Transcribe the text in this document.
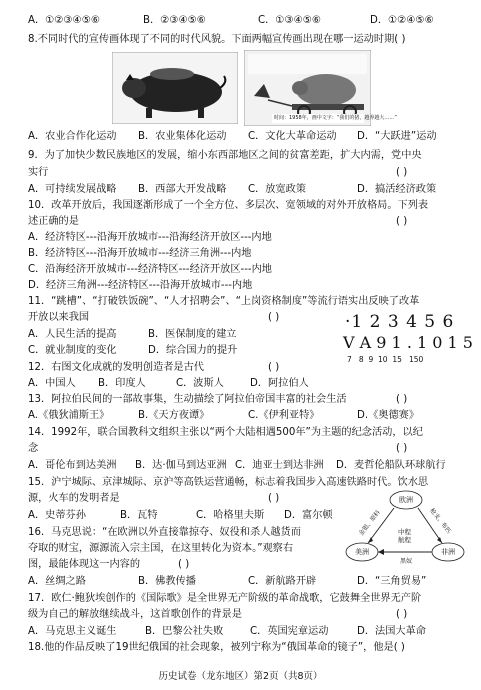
A．①②③④⑤⑥	B．②③④⑤⑥	C．①③④⑤⑥	D．①②④⑤⑥
8.不同时代的宣传画体现了不同的时代风貌。下面两幅宣传画出现在哪一运动时期( )
时间：1958年，画中文字：“我们的猪，越养越大……”
A．农业合作化运动 B．农业集体化运动 C．文化大革命运动 D．“大跃进”运动
9．为了加快少数民族地区的发展，缩小东西部地区之间的贫富差距，扩大内需，党中央
实行	( )
A．可持续发展战略 B．西部大开发战略 C．放宽政策	D．搞活经济政策
10．改革开放后，我国逐渐形成了一个全方位、多层次、宽领域的对外开放格局。下列表
述正确的是	( )
A．经济特区---沿海开放城市---沿海经济开放区---内地
B．经济特区---沿海开放城市---经济三角洲---内地
C．沿海经济开放城市---经济特区---经济开放区---内地
D．经济三角洲---经济特区---沿海开放城市---内地
11．“跳槽”、“打破铁饭碗”、“人才招聘会”、“上岗资格制度”等流行语实出反映了改革
开放以来我国	( )
A．人民生活的提高	B．医保制度的建立
C．就业制度的变化	D．综合国力的提升
·1 2 3 4 5 6
V A 9 1 . 1 0 1 5
7   8  9  10  15   150
12．右图文化成就的发明创造者是古代	( )
A．中国人 B．印度人	C．波斯人	D．阿拉伯人
13．阿拉伯民间的一部故事集，生动描绘了阿拉伯帝国丰富的社会生活	( )
A.《俄狄浦斯王》	B.《天方夜谭》	C.《伊利亚特》	D.《奥德赛》
14．1992年，联合国教科文组织主张以“两个大陆相遇500年”为主题的纪念活动，以纪
念	( )
A．哥伦布到达美洲 B．达·伽马到达亚洲 C．迪亚士到达非洲 D．麦哲伦船队环球航行
15．沪宁城际、京津城际、京沪等高铁运营通畅，标志着我国步入高速铁路时代。饮水思
源，火车的发明者是	( )
A．史蒂芬孙	B．瓦特	C．哈格里夫斯 D．富尔顿
16．马克思说：“在欧洲以外直接靠掠夺、奴役和杀人越货而
夺取的财宝，源源流入宗主国，在这里转化为资本。”观察右
图，最能体现这一内容的	( )
A．丝绸之路	B．佛教传播	C．新航路开辟	D．“三角贸易”
欧洲
美洲	非洲
中程
航程
金银、原料	枪支、布匹
黑奴
17．欧仁·鲍狄埃创作的《国际歌》是全世界无产阶级的革命战歌，它鼓舞全世界无产阶
级为自己的解放继续战斗，这首歌创作的背景是	( )
A．马克思主义诞生	B．巴黎公社失败	C．英国宪章运动	D．法国大革命
18.他的作品反映了19世纪俄国的社会现象，被列宁称为“俄国革命的镜子”，他是( )
历史试卷（龙东地区）第2页（共8页）
